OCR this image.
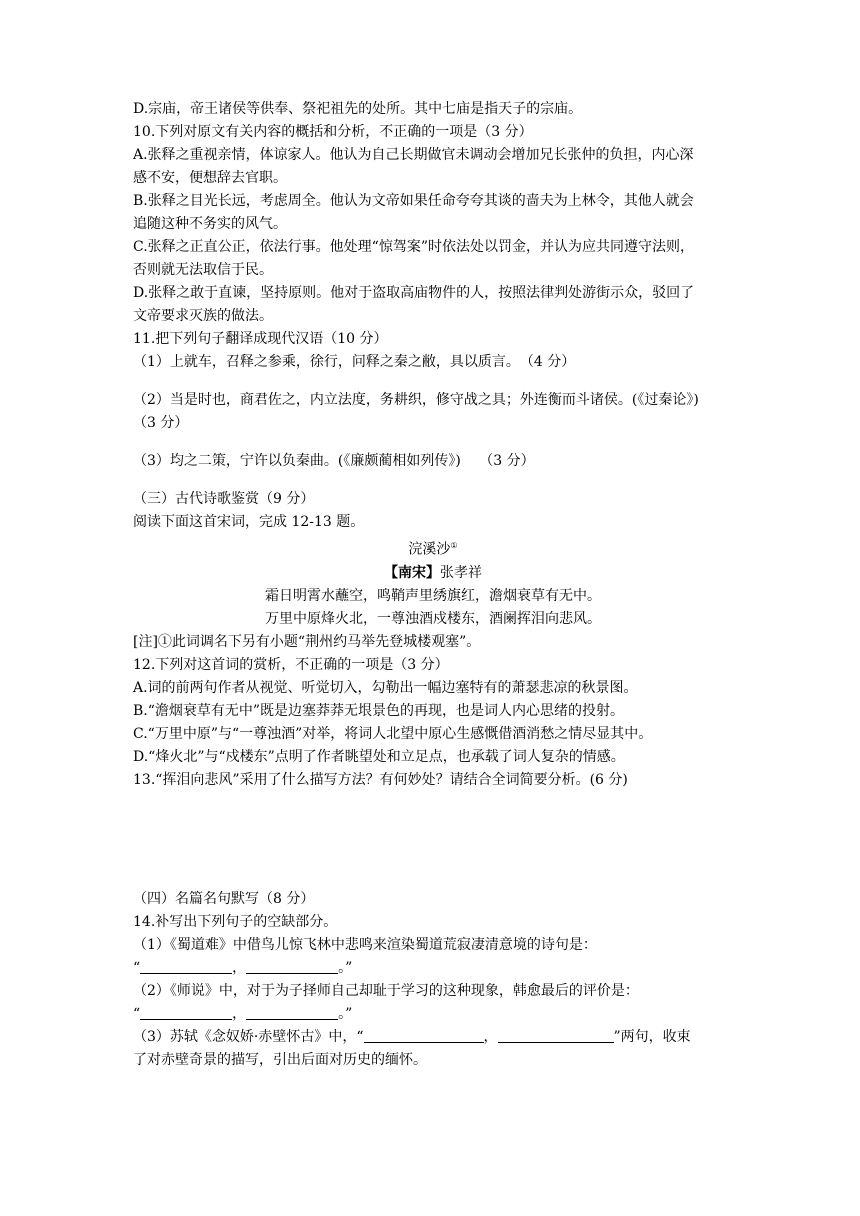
D.宗庙，帝王诸侯等供奉、祭祀祖先的处所。其中七庙是指天子的宗庙。
10.下列对原文有关内容的概括和分析，不正确的一项是（3 分）
A.张释之重视亲情，体谅家人。他认为自己长期做官未调动会增加兄长张仲的负担，内心深
感不安，便想辞去官职。
B.张释之目光长远，考虑周全。他认为文帝如果任命夸夸其谈的啬夫为上林令，其他人就会
追随这种不务实的风气。
C.张释之正直公正，依法行事。他处理“惊驾案”时依法处以罚金，并认为应共同遵守法则，
否则就无法取信于民。
D.张释之敢于直谏，坚持原则。他对于盗取高庙物件的人，按照法律判处游街示众，驳回了
文帝要求灭族的做法。
11.把下列句子翻译成现代汉语（10 分）
（1）上就车，召释之参乘，徐行，问释之秦之敝，具以质言。　（4 分）
（2）当是时也，商君佐之，内立法度，务耕织，修守战之具；外连衡而斗诸侯。(《过秦论》)
（3 分）
（3）均之二策，宁许以负秦曲。(《廉颇蔺相如列传》)　 （3 分）
（三）古代诗歌鉴赏（9 分）
阅读下面这首宋词，完成 12-13 题。
浣溪沙①
【南宋】张孝祥
霜日明霄水蘸空，鸣鞘声里绣旗红，澹烟衰草有无中。
万里中原烽火北，一尊浊酒戍楼东，酒阑挥泪向悲风。
[注]①此词调名下另有小题“荆州约马举先登城楼观塞”。
12.下列对这首词的赏析，不正确的一项是（3 分）
A.词的前两句作者从视觉、听觉切入，勾勒出一幅边塞特有的萧瑟悲凉的秋景图。
B.“澹烟衰草有无中”既是边塞莽莽无垠景色的再现，也是词人内心思绪的投射。
C.“万里中原”与“一尊浊酒”对举，将词人北望中原心生感慨借酒消愁之情尽显其中。
D.“烽火北”与“戍楼东”点明了作者眺望处和立足点，也承载了词人复杂的情感。
13.“挥泪向悲风”采用了什么描写方法？有何妙处？请结合全词简要分析。(6 分)
（四）名篇名句默写（8 分）
14.补写出下列句子的空缺部分。
（1）《蜀道难》中借鸟儿惊飞林中悲鸣来渲染蜀道荒寂凄清意境的诗句是：
“	，	。”
（2）《师说》中，对于为子择师自己却耻于学习的这种现象，韩愈最后的评价是：
“	，	。”
（3）苏轼《念奴娇·赤壁怀古》中，“	，	”两句，收束
了对赤壁奇景的描写，引出后面对历史的缅怀。
